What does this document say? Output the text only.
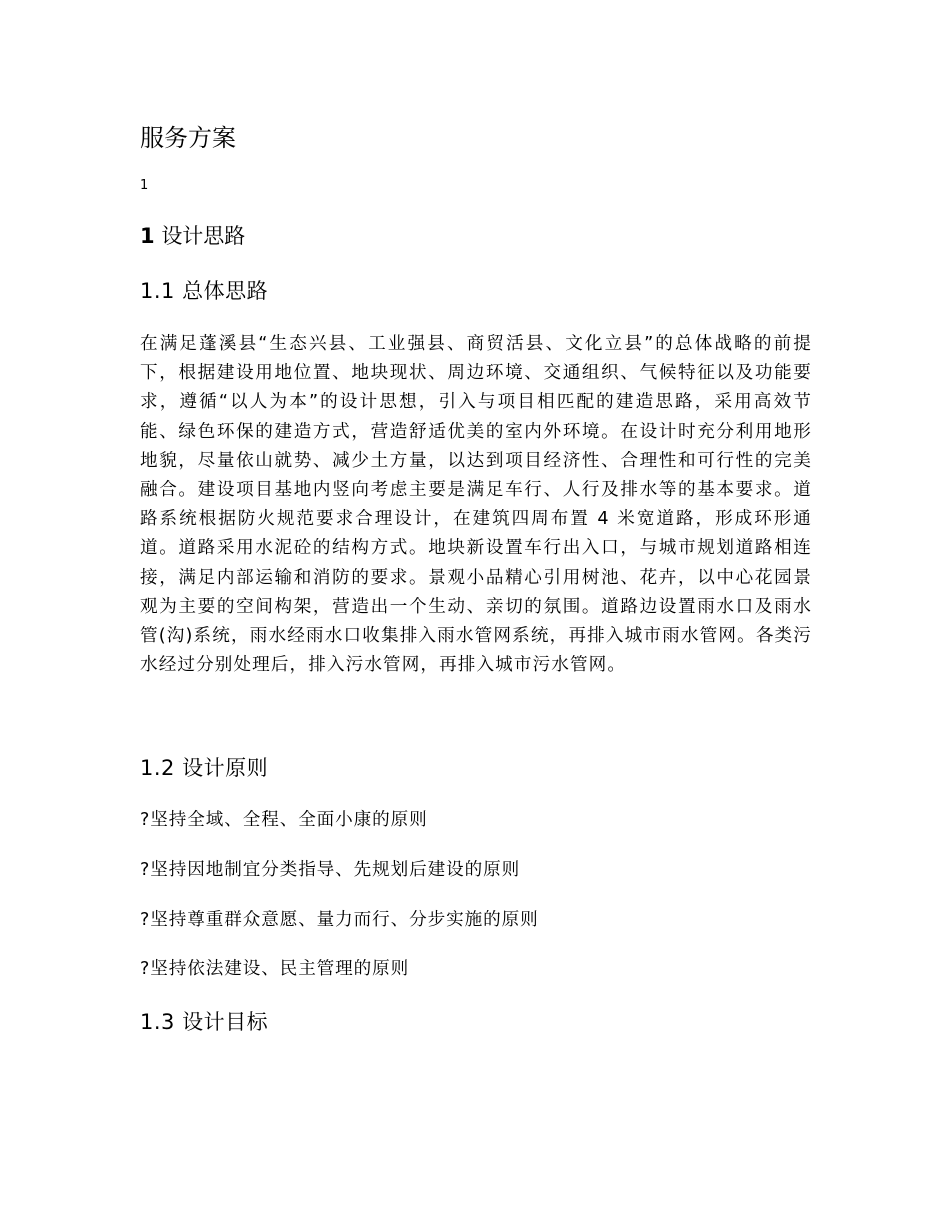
服务方案
1
1 设计思路
1.1 总体思路

在满足蓬溪县“生态兴县、工业强县、商贸活县、文化立县”的总体战略的前提下，根据建设用地位置、地块现状、周边环境、交通组织、气候特征以及功能要求，遵循“以人为本”的设计思想，引入与项目相匹配的建造思路，采用高效节能、绿色环保的建造方式，营造舒适优美的室内外环境。在设计时充分利用地形地貌，尽量依山就势、减少土方量，以达到项目经济性、合理性和可行性的完美融合。建设项目基地内竖向考虑主要是满足车行、人行及排水等的基本要求。道路系统根据防火规范要求合理设计，在建筑四周布置 4 米宽道路，形成环形通道。道路采用水泥砼的结构方式。地块新设置车行出入口，与城市规划道路相连接，满足内部运输和消防的要求。景观小品精心引用树池、花卉，以中心花园景观为主要的空间构架，营造出一个生动、亲切的氛围。道路边设置雨水口及雨水管(沟)系统，雨水经雨水口收集排入雨水管网系统，再排入城市雨水管网。各类污水经过分别处理后，排入污水管网，再排入城市污水管网。

1.2 设计原则

?坚持全域、全程、全面小康的原则

?坚持因地制宜分类指导、先规划后建设的原则

?坚持尊重群众意愿、量力而行、分步实施的原则

?坚持依法建设、民主管理的原则

1.3 设计目标
